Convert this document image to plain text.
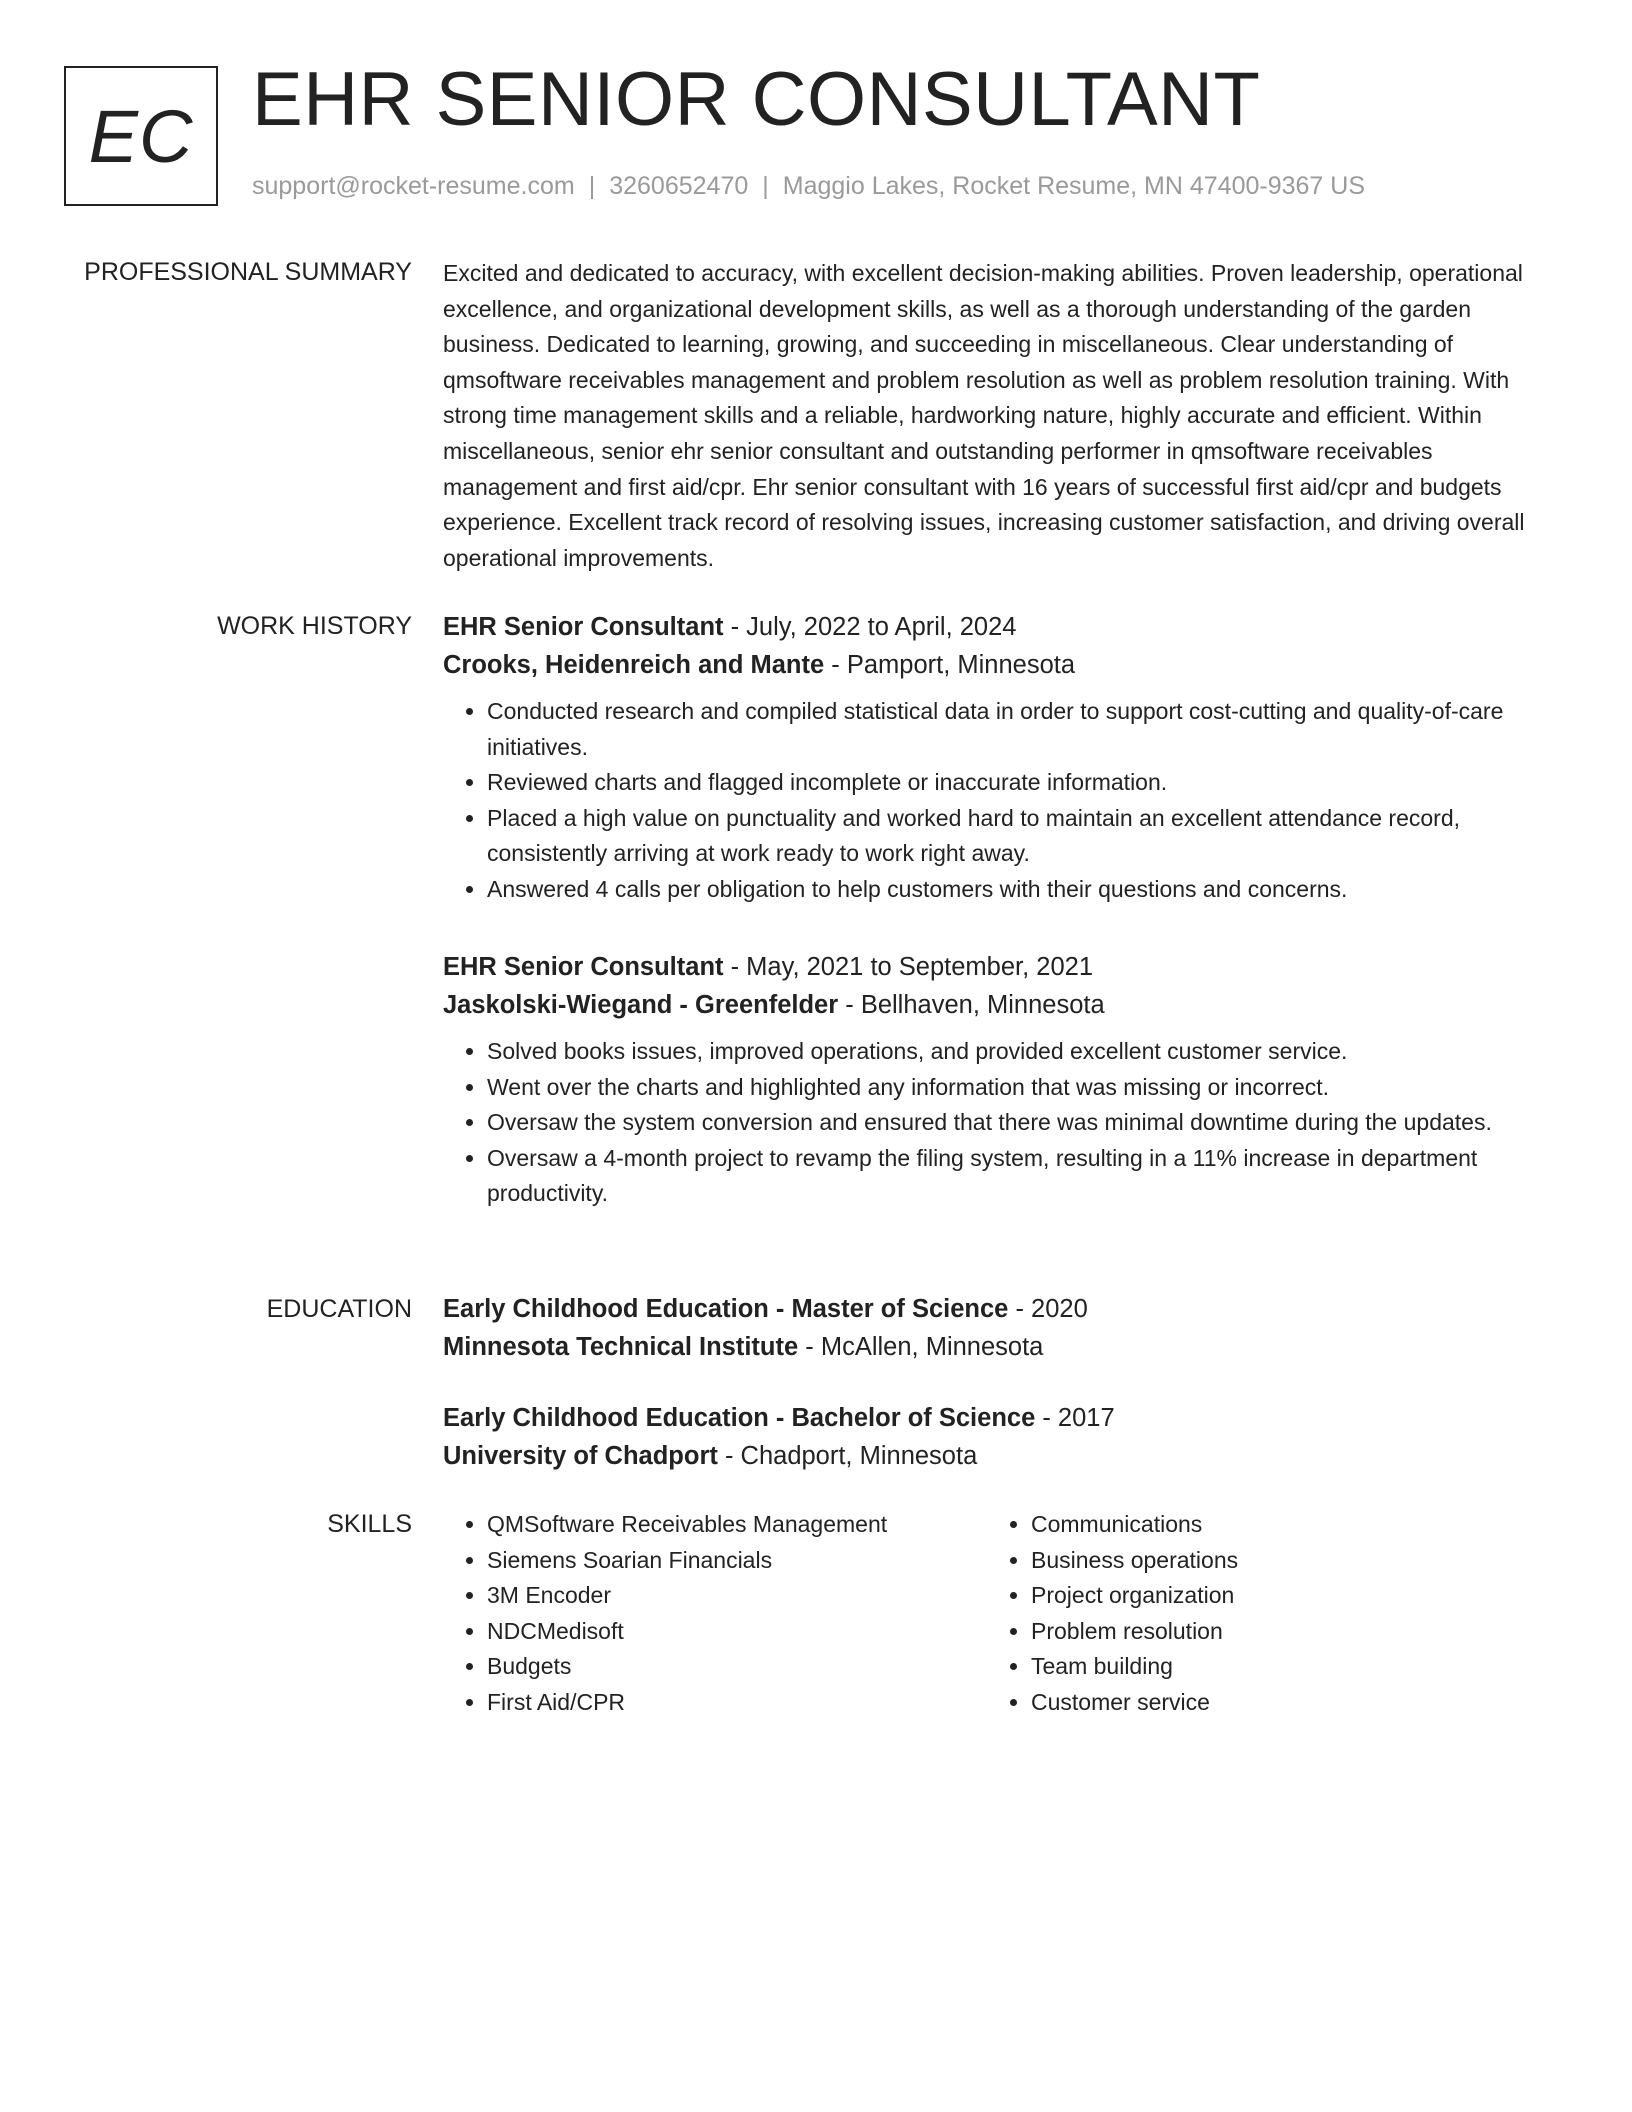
EC EHR SENIOR CONSULTANT
support@rocket-resume.com | 3260652470 | Maggio Lakes, Rocket Resume, MN 47400-9367 US
PROFESSIONAL SUMMARY Excited and dedicated to accuracy, with excellent decision-making abilities. Proven leadership, operational excellence, and organizational development skills, as well as a thorough understanding of the garden business. Dedicated to learning, growing, and succeeding in miscellaneous. Clear understanding of qmsoftware receivables management and problem resolution as well as problem resolution training. With strong time management skills and a reliable, hardworking nature, highly accurate and efficient. Within miscellaneous, senior ehr senior consultant and outstanding performer in qmsoftware receivables management and first aid/cpr. Ehr senior consultant with 16 years of successful first aid/cpr and budgets experience. Excellent track record of resolving issues, increasing customer satisfaction, and driving overall operational improvements.

WORK HISTORY EHR Senior Consultant - July, 2022 to April, 2024
Crooks, Heidenreich and Mante - Pamport, Minnesota
• Conducted research and compiled statistical data in order to support cost-cutting and quality-of-care initiatives.
• Reviewed charts and flagged incomplete or inaccurate information.
• Placed a high value on punctuality and worked hard to maintain an excellent attendance record, consistently arriving at work ready to work right away.
• Answered 4 calls per obligation to help customers with their questions and concerns.
EHR Senior Consultant - May, 2021 to September, 2021
Jaskolski-Wiegand - Greenfelder - Bellhaven, Minnesota
• Solved books issues, improved operations, and provided excellent customer service.
• Went over the charts and highlighted any information that was missing or incorrect.
• Oversaw the system conversion and ensured that there was minimal downtime during the updates.
• Oversaw a 4-month project to revamp the filing system, resulting in a 11% increase in department productivity.
EDUCATION Early Childhood Education - Master of Science - 2020
Minnesota Technical Institute - McAllen, Minnesota
Early Childhood Education - Bachelor of Science - 2017
University of Chadport - Chadport, Minnesota
SKILLS
•	QMSoftware Receivables Management
• Siemens Soarian Financials
• 3M Encoder
• NDCMedisoft
• Budgets
• First Aid/CPR
• Communications
• Business operations
• Project organization
• Problem resolution
• Team building
• Customer service
